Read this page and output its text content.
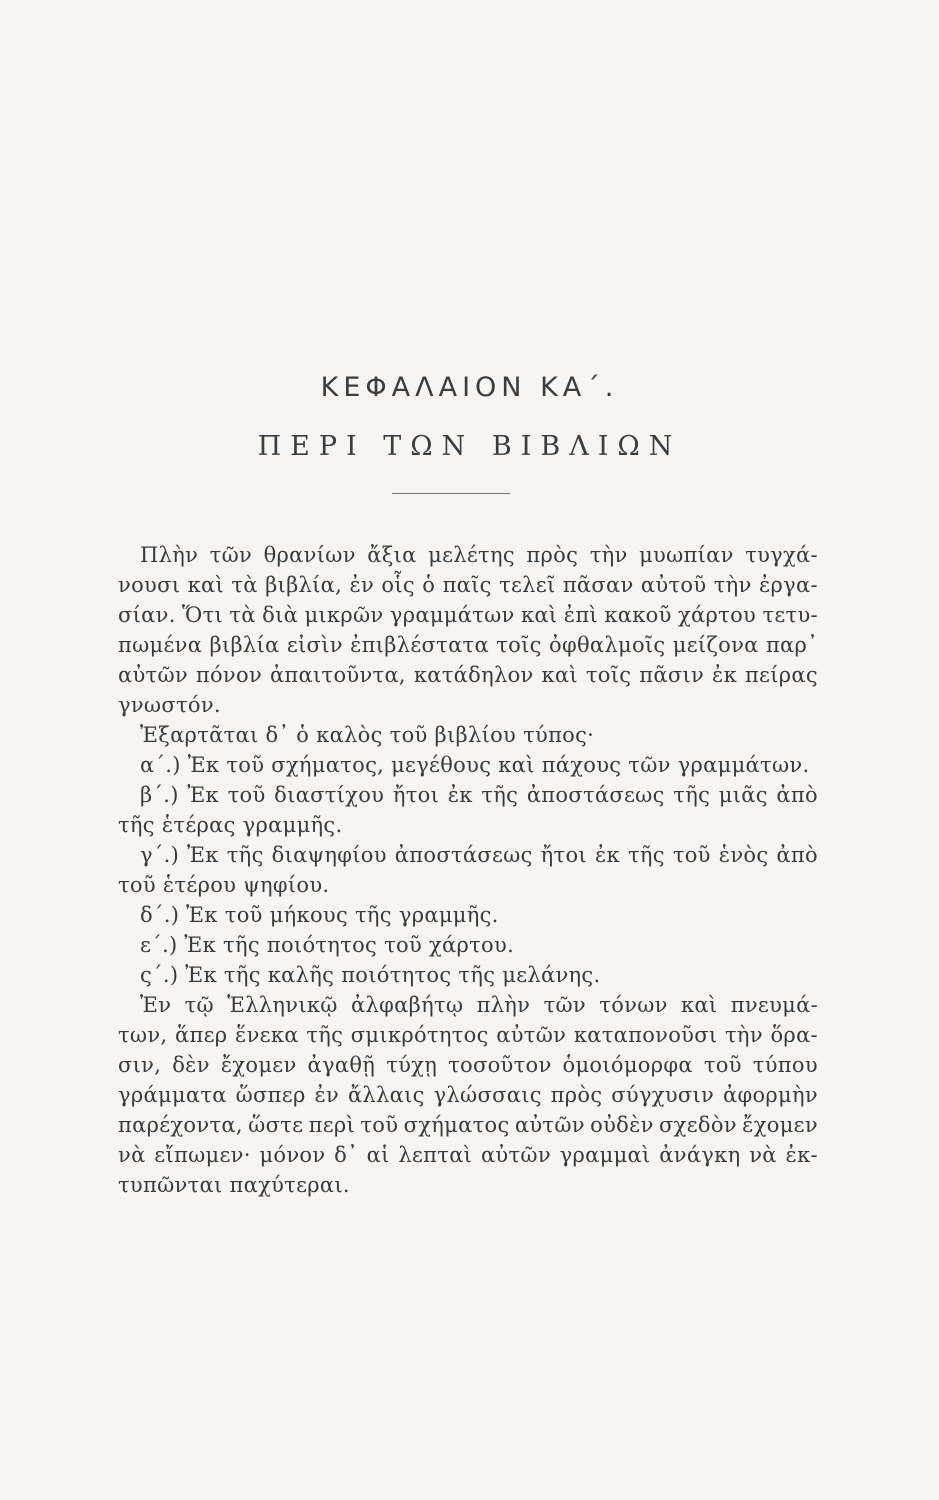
ΚΕΦΑΛΑΙΟΝ ΚΑ΄.
ΠΕΡΙ ΤΩΝ ΒΙΒΛΙΩΝ
Πλὴν τῶν θρανίων ἄξια μελέτης πρὸς τὴν μυωπίαν τυγχά-
νουσι καὶ τὰ βιβλία, ἐν οἷς ὁ παῖς τελεῖ πᾶσαν αὐτοῦ τὴν ἐργα-
σίαν. Ὅτι τὰ διὰ μικρῶν γραμμάτων καὶ ἐπὶ κακοῦ χάρτου τετυ-
πωμένα βιβλία εἰσὶν ἐπιβλέστατα τοῖς ὀφθαλμοῖς μείζονα παρ᾽
αὐτῶν πόνον ἀπαιτοῦντα, κατάδηλον καὶ τοῖς πᾶσιν ἐκ πείρας
γνωστόν.
Ἐξαρτᾶται δ᾽ ὁ καλὸς τοῦ βιβλίου τύπος·
α΄.) Ἐκ τοῦ σχήματος, μεγέθους καὶ πάχους τῶν γραμμάτων.
β΄.) Ἐκ τοῦ διαστίχου ἤτοι ἐκ τῆς ἀποστάσεως τῆς μιᾶς ἀπὸ
τῆς ἑτέρας γραμμῆς.
γ΄.) Ἐκ τῆς διαψηφίου ἀποστάσεως ἤτοι ἐκ τῆς τοῦ ἑνὸς ἀπὸ
τοῦ ἑτέρου ψηφίου.
δ΄.) Ἐκ τοῦ μήκους τῆς γραμμῆς.
ε΄.) Ἐκ τῆς ποιότητος τοῦ χάρτου.
ς΄.) Ἐκ τῆς καλῆς ποιότητος τῆς μελάνης.
Ἐν τῷ Ἑλληνικῷ ἀλφαβήτῳ πλὴν τῶν τόνων καὶ πνευμά-
των, ἅπερ ἕνεκα τῆς σμικρότητος αὐτῶν καταπονοῦσι τὴν ὅρα-
σιν, δὲν ἔχομεν ἀγαθῇ τύχῃ τοσοῦτον ὁμοιόμορφα τοῦ τύπου
γράμματα ὥσπερ ἐν ἄλλαις γλώσσαις πρὸς σύγχυσιν ἀφορμὴν
παρέχοντα, ὥστε περὶ τοῦ σχήματος αὐτῶν οὐδὲν σχεδὸν ἔχομεν
νὰ εἴπωμεν· μόνον δ᾽ αἱ λεπταὶ αὐτῶν γραμμαὶ ἀνάγκη νὰ ἐκ-
τυπῶνται παχύτεραι.
